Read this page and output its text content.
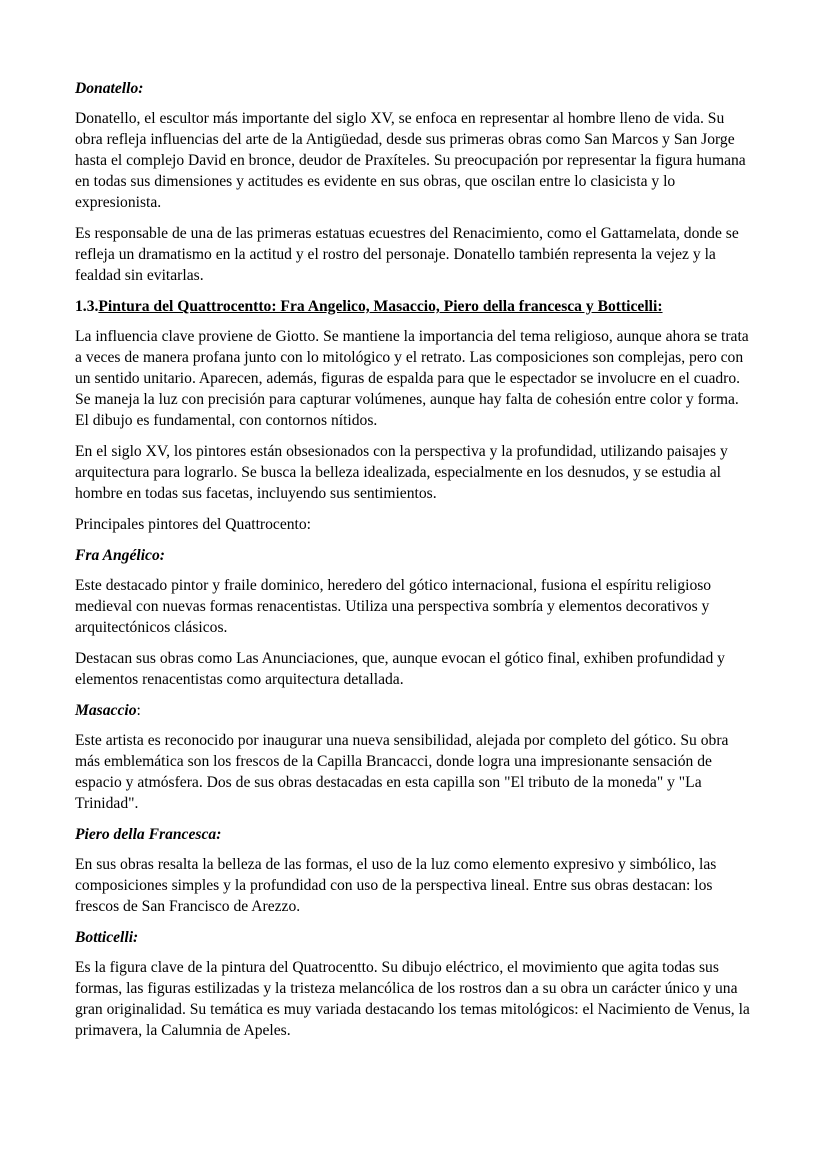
Donatello:

Donatello, el escultor más importante del siglo XV, se enfoca en representar al hombre lleno de vida. Su obra refleja influencias del arte de la Antigüedad, desde sus primeras obras como San Marcos y San Jorge hasta el complejo David en bronce, deudor de Praxíteles. Su preocupación por representar la figura humana en todas sus dimensiones y actitudes es evidente en sus obras, que oscilan entre lo clasicista y lo expresionista.

Es responsable de una de las primeras estatuas ecuestres del Renacimiento, como el Gattamelata, donde se refleja un dramatismo en la actitud y el rostro del personaje. Donatello también representa la vejez y la fealdad sin evitarlas.

1.3.Pintura del Quattrocentto: Fra Angelico, Masaccio, Piero della francesca y Botticelli:

La influencia clave proviene de Giotto. Se mantiene la importancia del tema religioso, aunque ahora se trata a veces de manera profana junto con lo mitológico y el retrato. Las composiciones son complejas, pero con un sentido unitario. Aparecen, además, figuras de espalda para que le espectador se involucre en el cuadro. Se maneja la luz con precisión para capturar volúmenes, aunque hay falta de cohesión entre color y forma. El dibujo es fundamental, con contornos nítidos.

En el siglo XV, los pintores están obsesionados con la perspectiva y la profundidad, utilizando paisajes y arquitectura para lograrlo. Se busca la belleza idealizada, especialmente en los desnudos, y se estudia al hombre en todas sus facetas, incluyendo sus sentimientos.

Principales pintores del Quattrocento:

Fra Angélico:

Este destacado pintor y fraile dominico, heredero del gótico internacional, fusiona el espíritu religioso medieval con nuevas formas renacentistas. Utiliza una perspectiva sombría y elementos decorativos y arquitectónicos clásicos.

Destacan sus obras como Las Anunciaciones, que, aunque evocan el gótico final, exhiben profundidad y elementos renacentistas como arquitectura detallada.

Masaccio:

Este artista es reconocido por inaugurar una nueva sensibilidad, alejada por completo del gótico. Su obra más emblemática son los frescos de la Capilla Brancacci, donde logra una impresionante sensación de espacio y atmósfera. Dos de sus obras destacadas en esta capilla son "El tributo de la moneda" y "La Trinidad".

Piero della Francesca:

En sus obras resalta la belleza de las formas, el uso de la luz como elemento expresivo y simbólico, las composiciones simples y la profundidad con uso de la perspectiva lineal. Entre sus obras destacan: los frescos de San Francisco de Arezzo.

Botticelli:

Es la figura clave de la pintura del Quatrocentto. Su dibujo eléctrico, el movimiento que agita todas sus formas, las figuras estilizadas y la tristeza melancólica de los rostros dan a su obra un carácter único y una gran originalidad. Su temática es muy variada destacando los temas mitológicos: el Nacimiento de Venus, la primavera, la Calumnia de Apeles.
